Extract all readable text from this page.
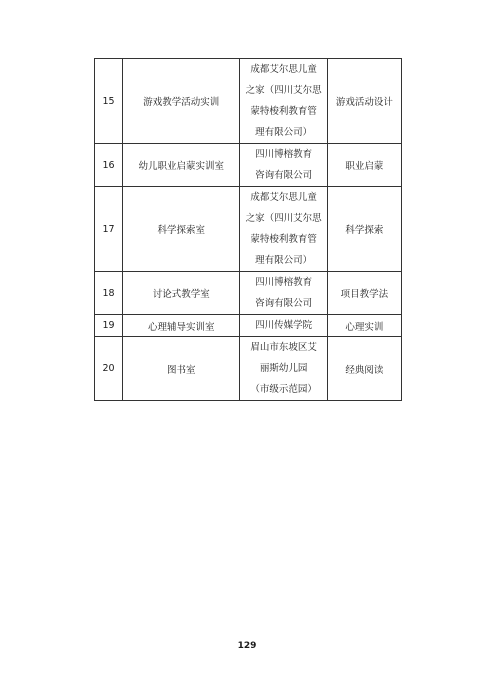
15	游戏教学活动实训	成都艾尔思儿童
之家（四川艾尔思
蒙特梭利教育管
理有限公司）	游戏活动设计
16	幼儿职业启蒙实训室	四川博榕教育
咨询有限公司	职业启蒙
17	科学探索室	成都艾尔思儿童
之家（四川艾尔思
蒙特梭利教育管
理有限公司）	科学探索
18	讨论式教学室	四川博榕教育
咨询有限公司	项目教学法
19	心理辅导实训室	四川传媒学院	心理实训
20	图书室	眉山市东坡区艾
丽斯幼儿园
（市级示范园）	经典阅读
129
